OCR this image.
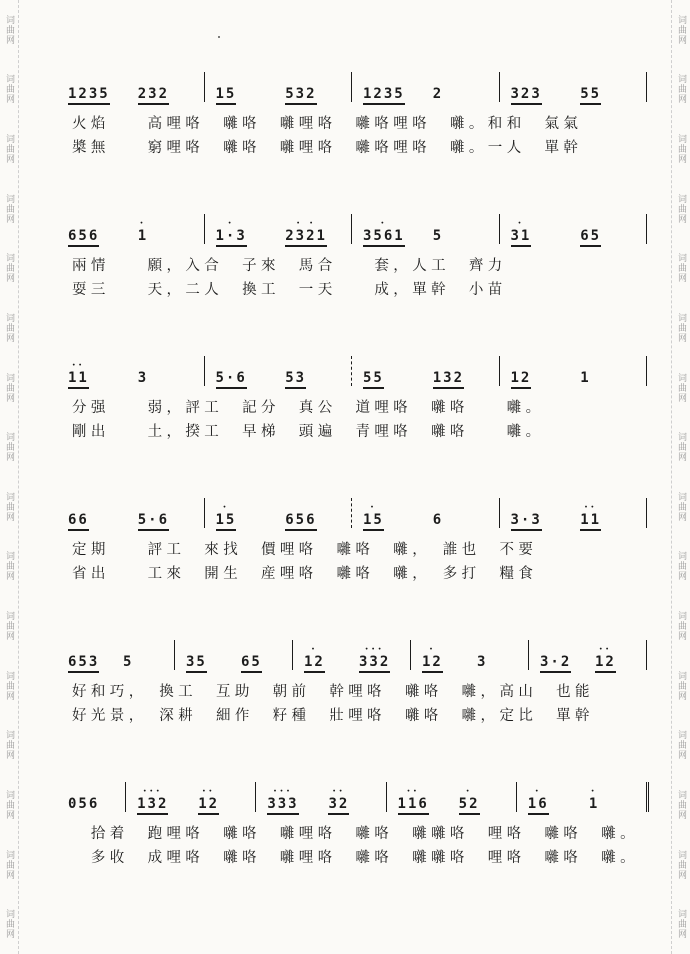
词曲网
词曲网
词曲网
词曲网
词曲网
词曲网
词曲网
词曲网
词曲网
词曲网
词曲网
词曲网
词曲网
词曲网
词曲网
词曲网
词曲网
词曲网
词曲网
词曲网
词曲网
词曲网
词曲网
词曲网
词曲网
词曲网
词曲网
词曲网
词曲网
词曲网
词曲网
词曲网
1235 232	15	532	1235 2	323	55
火焰　　高哩咯　囃咯　囃哩咯　囃咯哩咯　囃。和和　氣氣
槳無　　窮哩咯　囃咯　囃哩咯　囃咯哩咯　囃。一人　單幹
656
·
1
·
1·3
· ·
2321
·
3561 5
·
31	65
兩情　　願，入合　子來　馬合　　套，人工　齊力
耍三　　天，二人　換工　一天　　成，單幹　小苗
··
11	3	5·6	53	55	132	12	1
分强　　弱，評工　記分　真公　道哩咯　囃咯　　囃。
剛出　　土，揆工　早梯　頭遍　青哩咯　囃咯　　囃。
66	5·6
·
15	656
·
15	6	3·3
··
11
定期　　評工　來找　價哩咯　囃咯　囃，　誰也　不要
省出　　工來　開生　産哩咯　囃咯　囃，　多打　糧食
653 5	35 65
·
12
···
332
·
12 3	3·2
··
12
好和巧，　換工　互助　朝前　幹哩咯　囃咯　囃，高山　也能
好光景，　深耕　細作　籽種　壯哩咯　囃咯　囃，定比　單幹
056
···
132
··
12
···
333
··
32
··
116
·
52
·
16
·
1
　拾着　跑哩咯　囃咯　囃哩咯　囃咯　囃囃咯　哩咯　囃咯　囃。
　多收　成哩咯　囃咯　囃哩咯　囃咯　囃囃咯　哩咯　囃咯　囃。
